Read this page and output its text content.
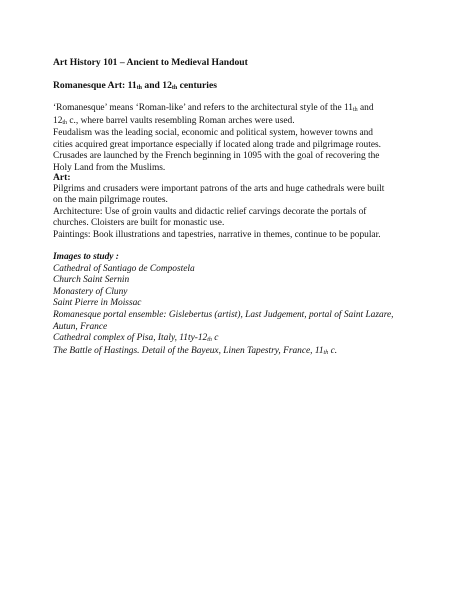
Art History 101 – Ancient to Medieval Handout
Romanesque Art: 11th and 12th centuries
‘Romanesque’ means ‘Roman-like’ and refers to the architectural style of the 11th and
12th c., where barrel vaults resembling Roman arches were used.
Feudalism was the leading social, economic and political system, however towns and
cities acquired great importance especially if located along trade and pilgrimage routes.
Crusades are launched by the French beginning in 1095 with the goal of recovering the
Holy Land from the Muslims.
Art:
Pilgrims and crusaders were important patrons of the arts and huge cathedrals were built
on the main pilgrimage routes.
Architecture: Use of groin vaults and didactic relief carvings decorate the portals of
churches. Cloisters are built for monastic use.
Paintings: Book illustrations and tapestries, narrative in themes, continue to be popular.
Images to study :
Cathedral of Santiago de Compostela
Church Saint Sernin
Monastery of Cluny
Saint Pierre in Moissac
Romanesque portal ensemble: Gislebertus (artist), Last Judgement, portal of Saint Lazare,
Autun, France
Cathedral complex of Pisa, Italy, 11ty-12th c
The Battle of Hastings. Detail of the Bayeux, Linen Tapestry, France, 11th c.
